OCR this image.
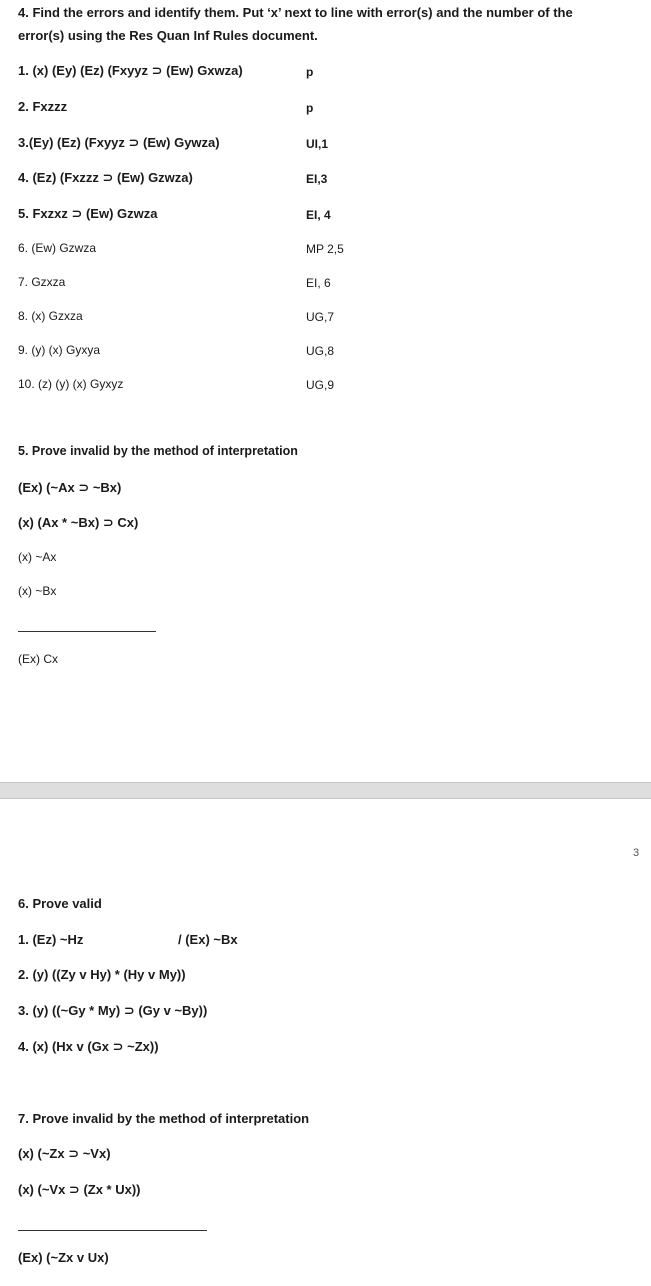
4. Find the errors and identify them. Put ‘x’ next to line with error(s) and the number of the
error(s) using the Res Quan Inf Rules document.
1. (x) (Ey) (Ez) (Fxyyz ⊃ (Ew) Gxwza)	p
2. Fxzzz	p
3.(Ey) (Ez) (Fxyyz ⊃ (Ew) Gywza)	UI,1
4. (Ez) (Fxzzz ⊃ (Ew) Gzwza)	EI,3
5. Fxzxz ⊃ (Ew) Gzwza	EI, 4
6. (Ew) Gzwza	MP 2,5
7. Gzxza	EI, 6
8. (x) Gzxza	UG,7
9. (y) (x) Gyxya	UG,8
10. (z) (y) (x) Gyxyz	UG,9
5. Prove invalid by the method of interpretation
(Ex) (~Ax ⊃ ~Bx)
(x) (Ax * ~Bx) ⊃ Cx)
(x) ~Ax
(x) ~Bx
(Ex) Cx
3
6. Prove valid
1. (Ez) ~Hz	/ (Ex) ~Bx
2. (y) ((Zy v Hy) * (Hy v My))
3. (y) ((~Gy * My) ⊃ (Gy v ~By))
4. (x) (Hx v (Gx ⊃ ~Zx))
7. Prove invalid by the method of interpretation
(x) (~Zx ⊃ ~Vx)
(x) (~Vx ⊃ (Zx * Ux))
(Ex) (~Zx v Ux)
